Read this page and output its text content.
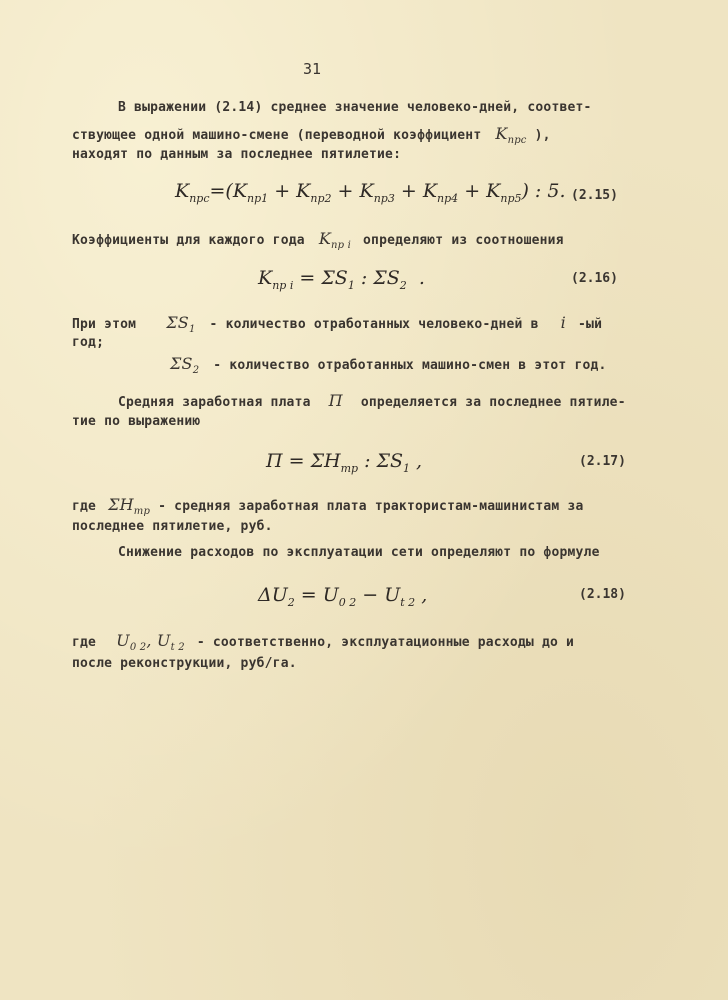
31
В выражении (2.14) среднее значение человеко-дней, соответ-
ствующее одной машино-смене (переводной коэффициент $K_{прс}$ ),
находят по данным за последнее пятилетие:
$K_{прс}=(K_{пр1} + K_{пр2} + K_{пр3} + K_{пр4} + K_{пр5})$ : 5. (2.15)
Коэффициенты для каждого года $K_{пр i}$ определяют из соотношения
$K_{пр i} = \Sigma S_1$ : $\Sigma S_2$ .	(2.16)
При этом $\Sigma S_1$ - количество отработанных человеко-дней в i -ый
год;
$\Sigma S_2$ - количество отработанных машино-смен в этот год.
Средняя заработная плата П определяется за последнее пятиле-
тие по выражению
$П = \Sigma H_{тр}$ : $\Sigma S_1$ ,	(2.17)
где $\Sigma H_{тр}$ - средняя заработная плата трактористам-машинистам за
последнее пятилетие, руб.
Снижение расходов по эксплуатации сети определяют по формуле
$\Delta U_2 = U_{0 2} - U_{t 2}$ ,	(2.18)
где $U_{0 2}$, $U_{t 2}$ - соответственно, эксплуатационные расходы до и
после реконструкции, руб/га.
